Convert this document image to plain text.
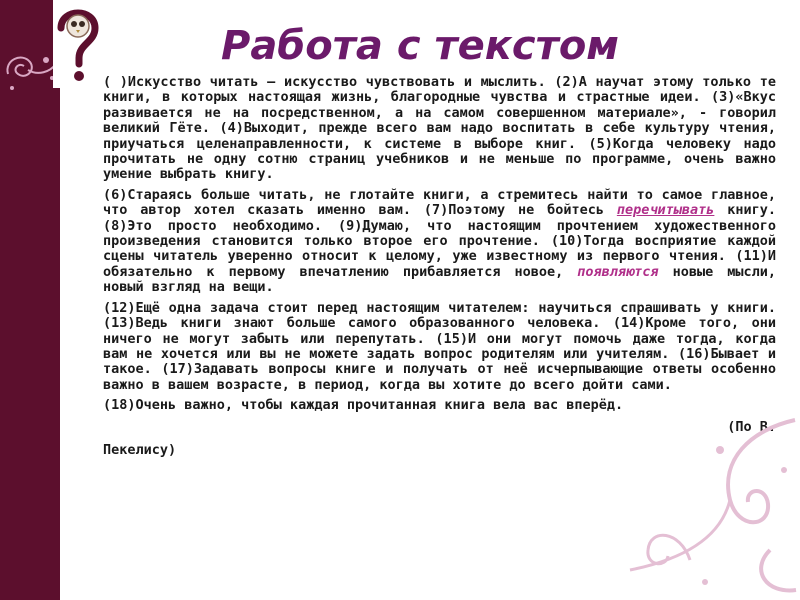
Работа с текстом

( )Искусство читать – искусство чувствовать и мыслить. (2)А научат этому только те книги, в которых настоящая жизнь, благородные чувства и страстные идеи. (3)«Вкус развивается не на посредственном, а на самом совершенном материале», - говорил великий Гёте. (4)Выходит, прежде всего вам надо воспитать в себе культуру чтения, приучаться целенаправленности, к системе в выборе книг. (5)Когда человеку надо прочитать не одну сотню страниц учебников и не меньше по программе, очень важно умение выбрать книгу.

(6)Стараясь больше читать, не глотайте книги, а стремитесь найти то самое главное, что автор хотел сказать именно вам. (7)Поэтому не бойтесь перечитывать книгу. (8)Это просто необходимо. (9)Думаю, что настоящим прочтением художественного произведения становится только второе его прочтение. (10)Тогда восприятие каждой сцены читатель уверенно относит к целому, уже известному из первого чтения. (11)И обязательно к первому впечатлению прибавляется новое, появляются новые мысли, новый взгляд на вещи.

(12)Ещё одна задача стоит перед настоящим читателем: научиться спрашивать у книги. (13)Ведь книги знают больше самого образованного человека. (14)Кроме того, они ничего не могут забыть или перепутать. (15)И они могут помочь даже тогда, когда вам не хочется или вы не можете задать вопрос родителям или учителям. (16)Бывает и такое. (17)Задавать вопросы книге и получать от неё исчерпывающие ответы особенно важно в вашем возрасте, в период, когда вы хотите до всего дойти сами.

(18)Очень важно, чтобы каждая прочитанная книга вела вас вперёд.

(По В.

Пекелису)
